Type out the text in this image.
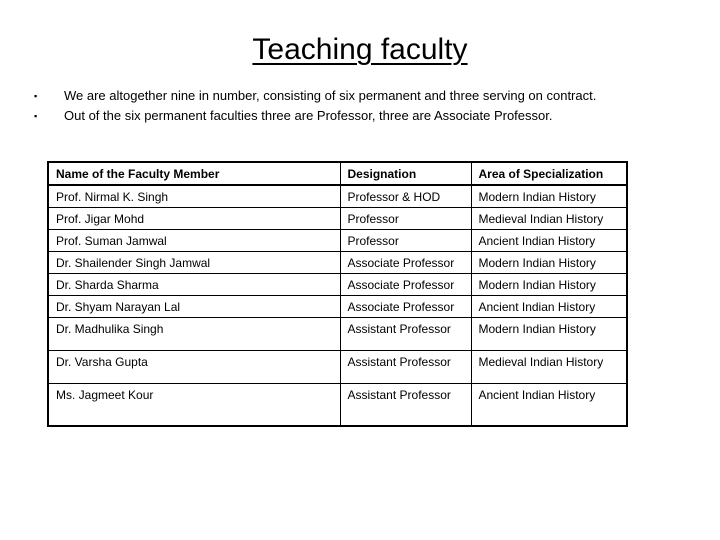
Teaching faculty
▪	We are altogether nine in number, consisting of six permanent and three serving on contract.
▪	Out of the six permanent faculties three are Professor, three are Associate Professor.
Name of the Faculty Member	Designation	Area of Specialization
Prof. Nirmal K. Singh	Professor & HOD	Modern Indian History
Prof. Jigar Mohd	Professor	Medieval Indian History
Prof. Suman Jamwal	Professor	Ancient Indian History
Dr. Shailender Singh Jamwal	Associate Professor	Modern Indian History
Dr. Sharda Sharma	Associate Professor	Modern Indian History
Dr. Shyam Narayan Lal	Associate Professor	Ancient Indian History
Dr. Madhulika Singh	Assistant Professor	Modern Indian History
Dr. Varsha Gupta	Assistant Professor	Medieval Indian History
Ms. Jagmeet Kour	Assistant Professor	Ancient Indian History
